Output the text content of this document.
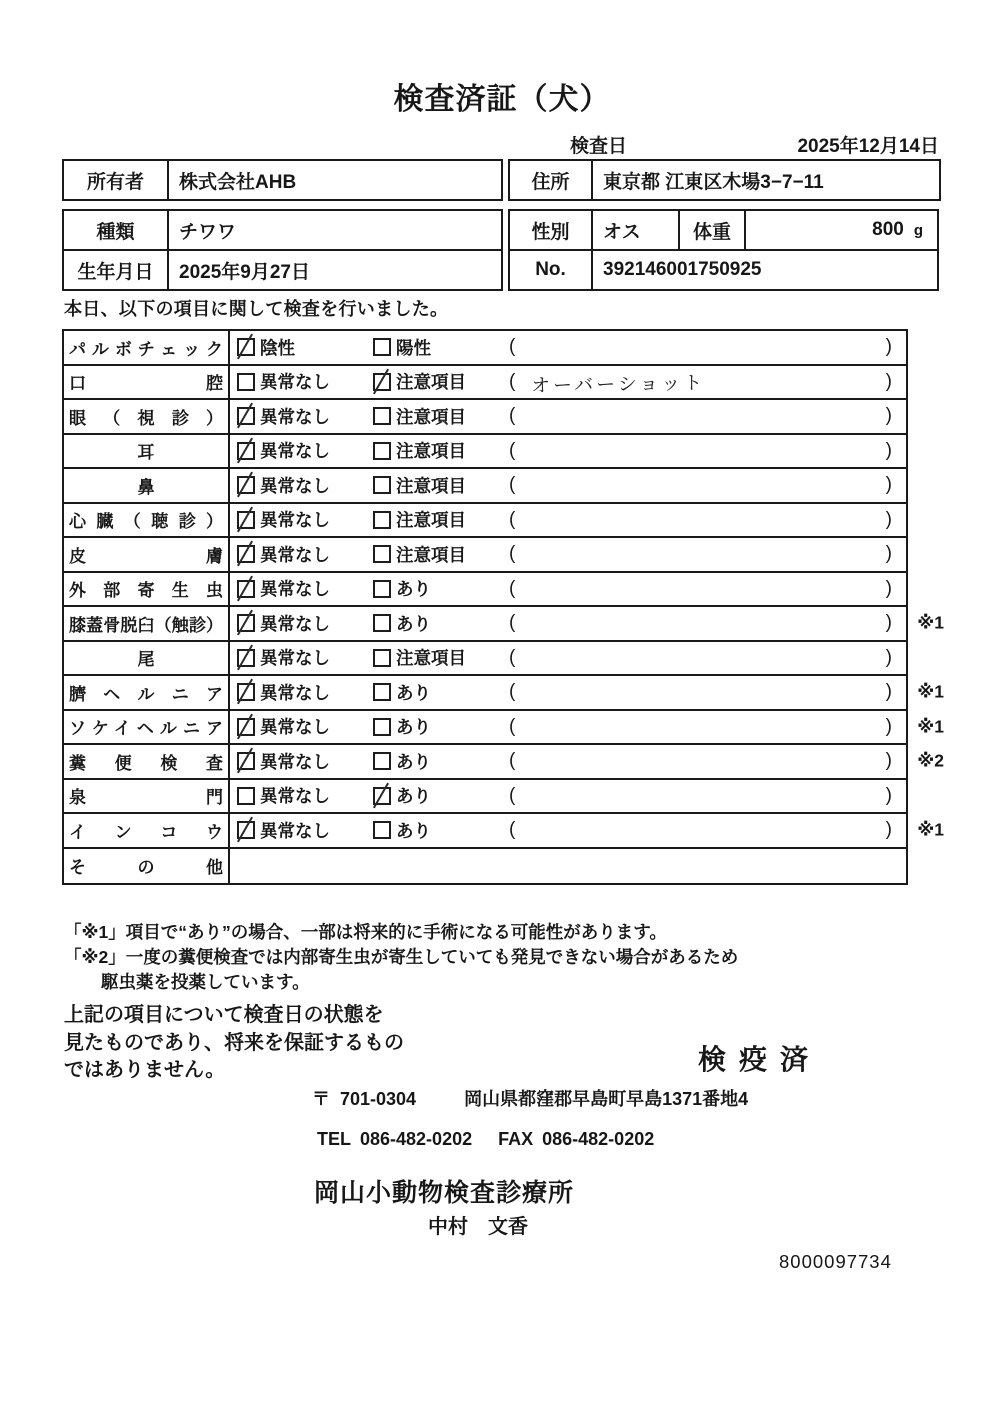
検査済証（犬）
検査日	2025年12月14日
所有者	株式会社AHB	住所	東京都 江東区木場3−7−11
種類	チワワ
生年月日	2025年9月27日
性別	オス	体重	800 g
No.	392146001750925
本日、以下の項目に関して検査を行いました。
パルボチェック 陰性	陽性	(	)
口腔 異常なし	注意項目 ( オーバーショット	)
眼（視診） 異常なし	注意項目 (	)
耳	異常なし	注意項目 (	)
鼻	異常なし	注意項目 (	)
心臓（聴診） 異常なし	注意項目 (	)
皮膚 異常なし	注意項目 (	)
外部寄生虫 異常なし	あり	(	)
膝蓋骨脱臼（触診） 異常なし	あり	(	) ※1
尾	異常なし	注意項目 (	)
臍ヘルニア 異常なし	あり	(	) ※1
ソケイヘルニア 異常なし	あり	(	) ※1
糞便検査 異常なし	あり	(	) ※2
泉門 異常なし	あり	(	)
インコウ 異常なし	あり	(	) ※1
その他
「※1」項目で“あり”の場合、一部は将来的に手術になる可能性があります。
「※2」一度の糞便検査では内部寄生虫が寄生していても発見できない場合があるため
駆虫薬を投薬しています。
上記の項目について検査日の状態を
見たものであり、将来を保証するもの
ではありません。	検疫済
〒 701-0304	岡山県都窪郡早島町早島1371番地4
TEL 086-482-0202 FAX 086-482-0202
岡山小動物検査診療所
中村　文香
8000097734
